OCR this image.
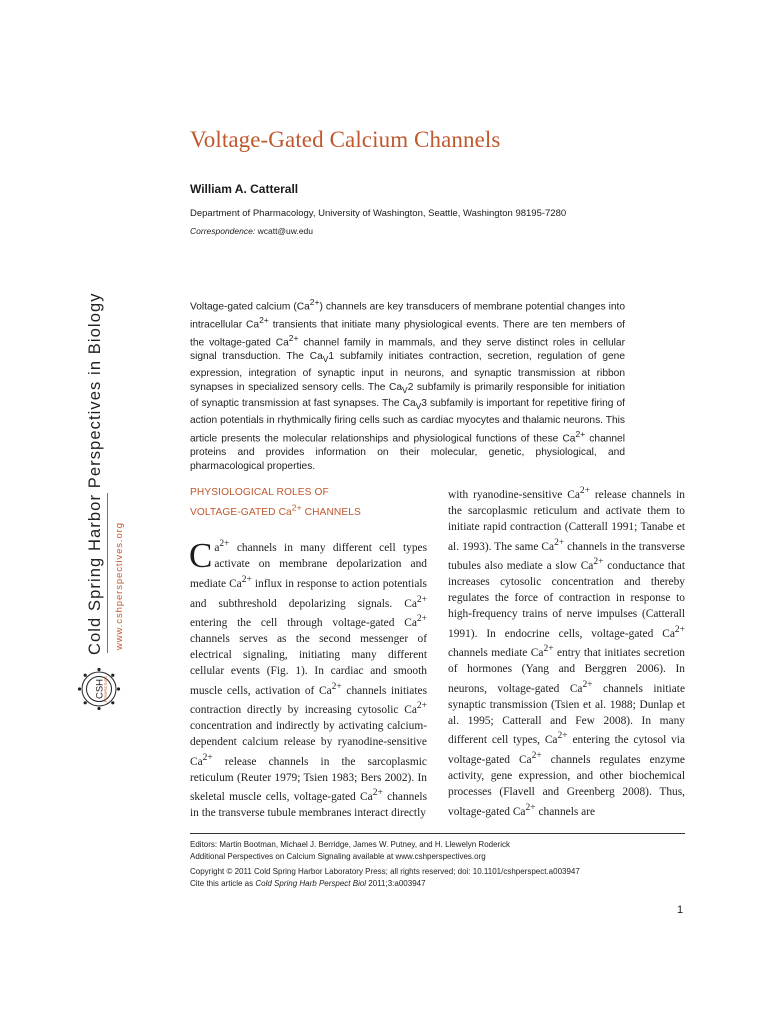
Cold Spring Harbor Perspectives in Biology	www.cshperspectives.org
CSH
PERSPECTIVES
Voltage-Gated Calcium Channels
William A. Catterall
Department of Pharmacology, University of Washington, Seattle, Washington 98195-7280
Correspondence: wcatt@uw.edu
Voltage-gated calcium $(Ca^{2+})$ channels are key transducers of membrane potential changes into intracellular $Ca^{2+}$ transients that initiate many physiological events. There are ten members of the voltage-gated $Ca^{2+}$ channel family in mammals, and they serve distinct roles in cellular signal transduction. The $Ca_V1$ subfamily initiates contraction, secretion, regulation of gene expression, integration of synaptic input in neurons, and synaptic transmission at ribbon synapses in specialized sensory cells. The $Ca_V2$ subfamily is primarily responsible for initiation of synaptic transmission at fast synapses. The $Ca_V3$ subfamily is important for repetitive firing of action potentials in rhythmically firing cells such as cardiac myocytes and thalamic neurons. This article presents the molecular relationships and physiological functions of these $Ca^{2+}$ channel proteins and provides information on their molecular, genetic, physiological, and pharmacological properties.
PHYSIOLOGICAL ROLES OF
VOLTAGE-GATED $Ca^{2+}$ CHANNELS

$Ca^{2+}$ channels in many different cell types activate on membrane depolarization and mediate $Ca^{2+}$ influx in response to action potentials and subthreshold depolarizing signals. $Ca^{2+}$ entering the cell through voltage-gated $Ca^{2+}$ channels serves as the second messenger of electrical signaling, initiating many different cellular events (Fig. 1). In cardiac and smooth muscle cells, activation of $Ca^{2+}$ channels initiates contraction directly by increasing cytosolic $Ca^{2+}$ concentration and indirectly by activating calcium-dependent calcium release by ryanodine-sensitive $Ca^{2+}$ release channels in the sarcoplasmic reticulum (Reuter 1979; Tsien 1983; Bers 2002). In skeletal muscle cells, voltage-gated $Ca^{2+}$ channels in the transverse tubule membranes interact directly

with ryanodine-sensitive $Ca^{2+}$ release channels in the sarcoplasmic reticulum and activate them to initiate rapid contraction (Catterall 1991; Tanabe et al. 1993). The same $Ca^{2+}$ channels in the transverse tubules also mediate a slow $Ca^{2+}$ conductance that increases cytosolic concentration and thereby regulates the force of contraction in response to high-frequency trains of nerve impulses (Catterall 1991). In endocrine cells, voltage-gated $Ca^{2+}$ channels mediate $Ca^{2+}$ entry that initiates secretion of hormones (Yang and Berggren 2006). In neurons, voltage-gated $Ca^{2+}$ channels initiate synaptic transmission (Tsien et al. 1988; Dunlap et al. 1995; Catterall and Few 2008). In many different cell types, $Ca^{2+}$ entering the cytosol via voltage-gated $Ca^{2+}$ channels regulates enzyme activity, gene expression, and other biochemical processes (Flavell and Greenberg 2008). Thus, voltage-gated $Ca^{2+}$ channels are

Editors: Martin Bootman, Michael J. Berridge, James W. Putney, and H. Llewelyn Roderick
Additional Perspectives on Calcium Signaling available at www.cshperspectives.org
Copyright © 2011 Cold Spring Harbor Laboratory Press; all rights reserved; doi: 10.1101/cshperspect.a003947
Cite this article as Cold Spring Harb Perspect Biol 2011;3:a003947
1
